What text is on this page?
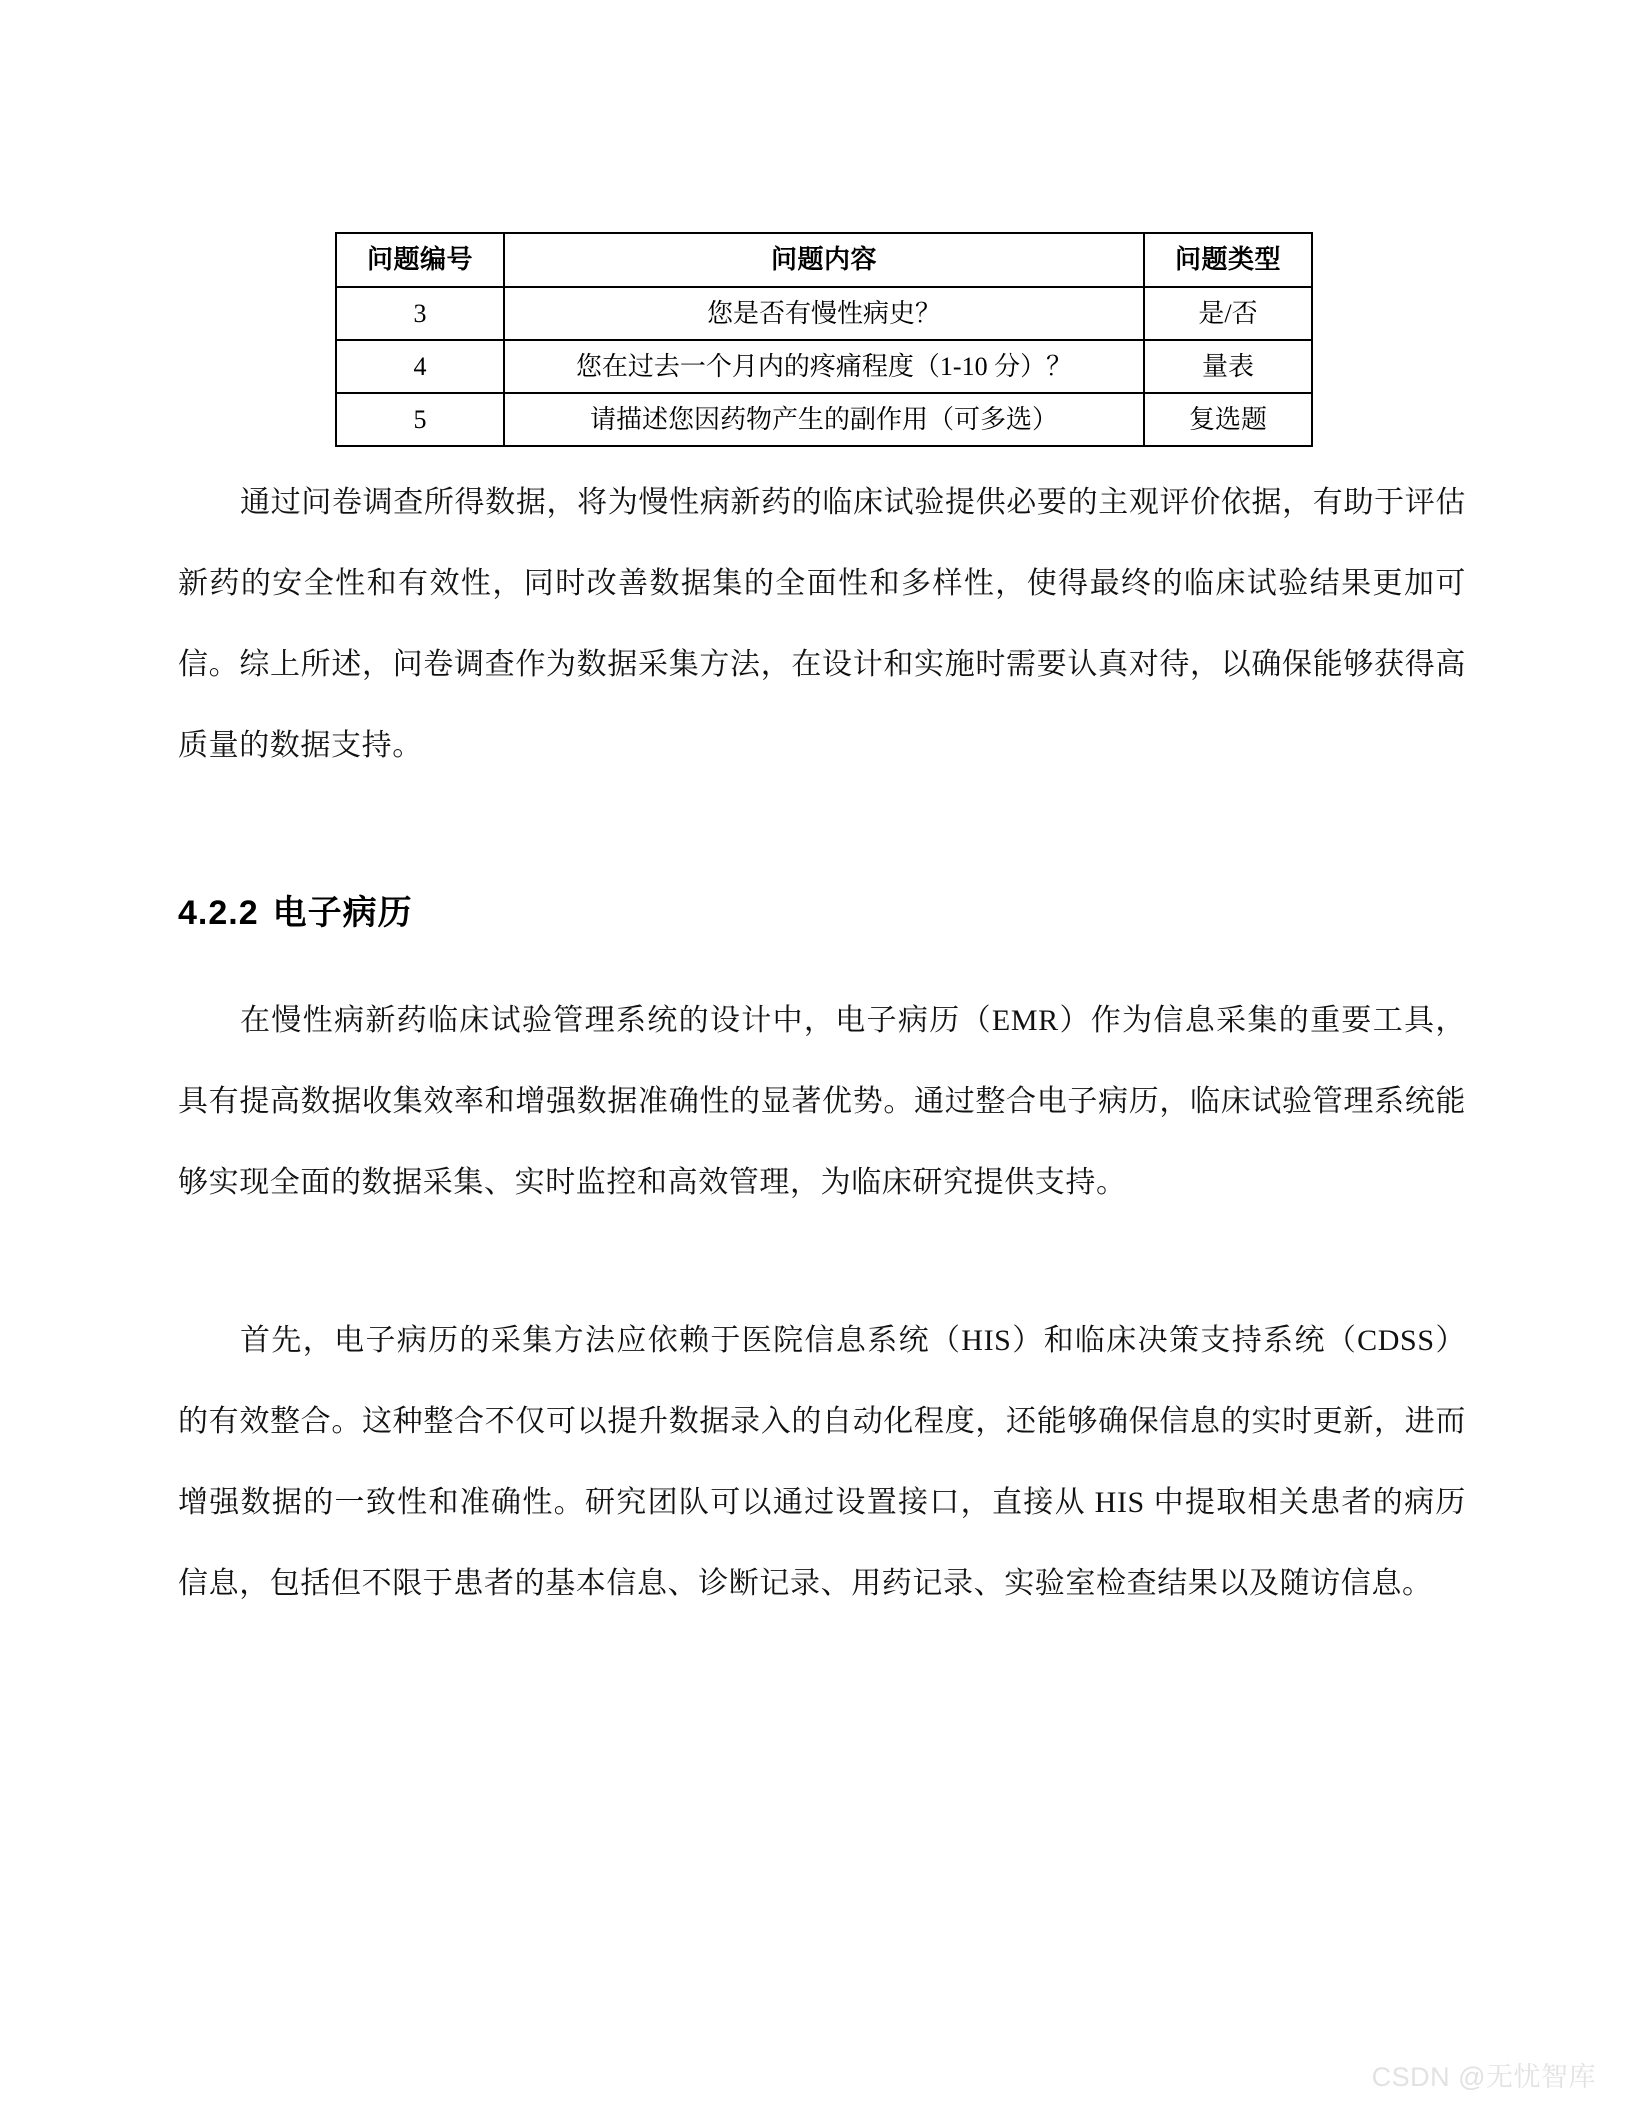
问题编号	问题内容	问题类型
3	您是否有慢性病史？	是/否
4	您在过去一个月内的疼痛程度（1-10 分）？	量表
5	请描述您因药物产生的副作用（可多选）	复选题

通过问卷调查所得数据，将为慢性病新药的临床试验提供必要的主观评价依据，有助于评估新药的安全性和有效性，同时改善数据集的全面性和多样性，使得最终的临床试验结果更加可信。综上所述，问卷调查作为数据采集方法，在设计和实施时需要认真对待，以确保能够获得高质量的数据支持。

4.2.2 电子病历

在慢性病新药临床试验管理系统的设计中，电子病历（EMR）作为信息采集的重要工具，具有提高数据收集效率和增强数据准确性的显著优势。通过整合电子病历，临床试验管理系统能够实现全面的数据采集、实时监控和高效管理，为临床研究提供支持。

首先，电子病历的采集方法应依赖于医院信息系统（HIS）和临床决策支持系统（CDSS）的有效整合。这种整合不仅可以提升数据录入的自动化程度，还能够确保信息的实时更新，进而增强数据的一致性和准确性。研究团队可以通过设置接口，直接从 HIS 中提取相关患者的病历信息，包括但不限于患者的基本信息、诊断记录、用药记录、实验室检查结果以及随访信息。

CSDN @无忧智库
